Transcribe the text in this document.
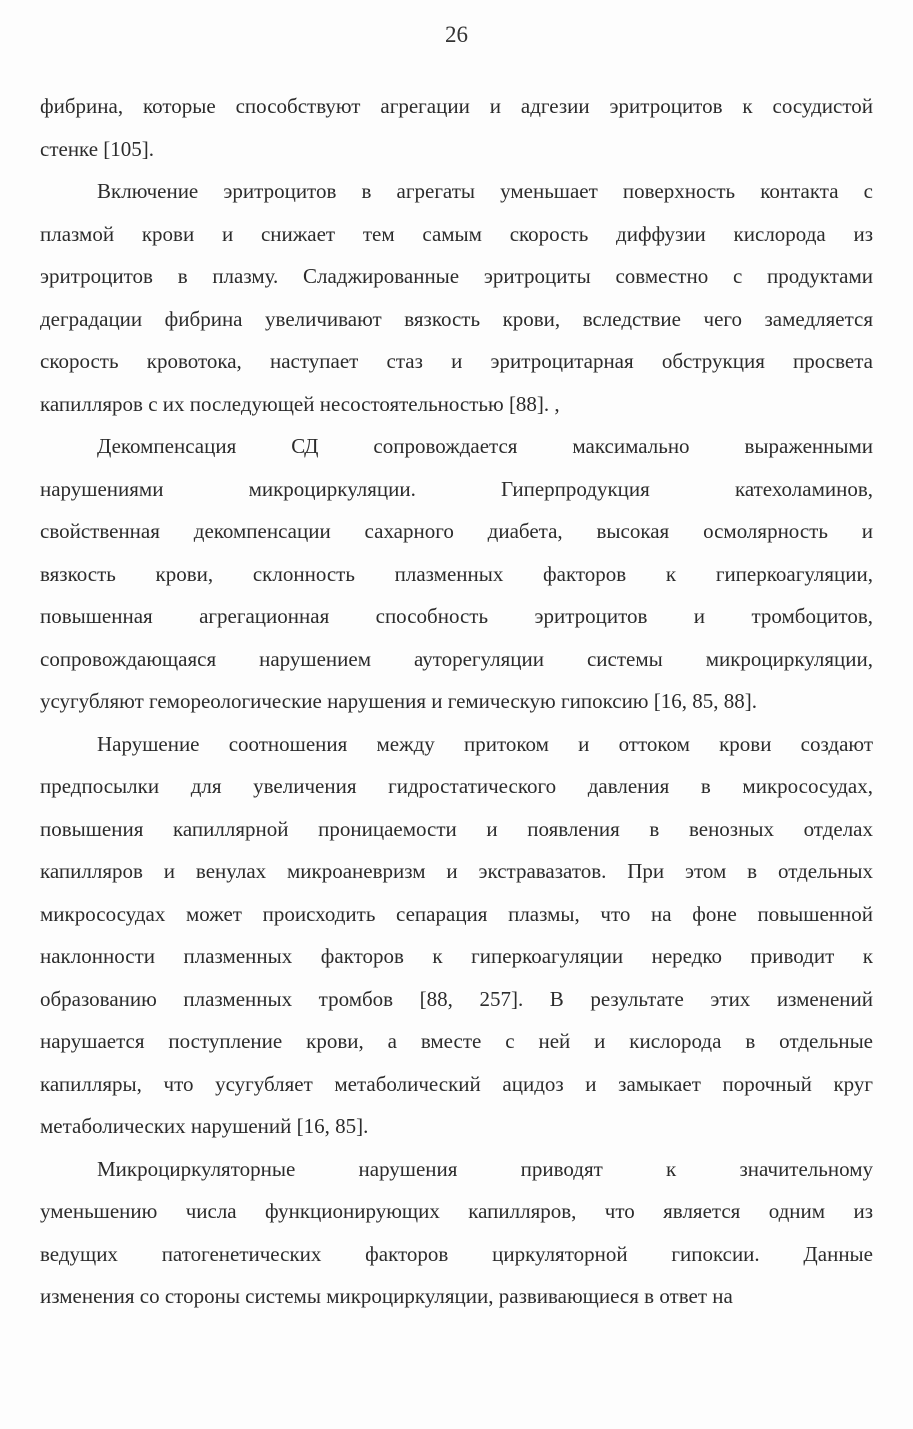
26
фибрина, которые способствуют агрегации и адгезии эритроцитов к сосудистой
стенке [105].
Включение эритроцитов в агрегаты уменьшает поверхность контакта с
плазмой крови и снижает тем самым скорость диффузии кислорода из
эритроцитов в плазму. Сладжированные эритроциты совместно с продуктами
деградации фибрина увеличивают вязкость крови, вследствие чего замедляется
скорость кровотока, наступает стаз и эритроцитарная обструкция просвета
капилляров с их последующей несостоятельностью [88]. ,
Декомпенсация СД сопровождается максимально выраженными
нарушениями микроциркуляции. Гиперпродукция катехоламинов,
свойственная декомпенсации сахарного диабета, высокая осмолярность и
вязкость крови, склонность плазменных факторов к гиперкоагуляции,
повышенная агрегационная способность эритроцитов и тромбоцитов,
сопровождающаяся нарушением ауторегуляции системы микроциркуляции,
усугубляют гемореологические нарушения и гемическую гипоксию [16, 85, 88].
Нарушение соотношения между притоком и оттоком крови создают
предпосылки для увеличения гидростатического давления в микрососудах,
повышения капиллярной проницаемости и появления в венозных отделах
капилляров и венулах микроаневризм и экстравазатов. При этом в отдельных
микрососудах может происходить сепарация плазмы, что на фоне повышенной
наклонности плазменных факторов к гиперкоагуляции нередко приводит к
образованию плазменных тромбов [88, 257]. В результате этих изменений
нарушается поступление крови, а вместе с ней и кислорода в отдельные
капилляры, что усугубляет метаболический ацидоз и замыкает порочный круг
метаболических нарушений [16, 85].
Микроциркуляторные нарушения приводят к значительному
уменьшению числа функционирующих капилляров, что является одним из
ведущих патогенетических факторов циркуляторной гипоксии. Данные
изменения со стороны системы микроциркуляции, развивающиеся в ответ на
